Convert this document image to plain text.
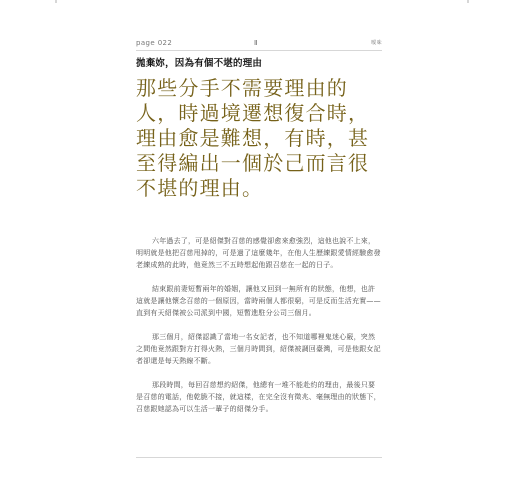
page 022	Ⅱ	曖味
拋棄妳，因為有個不堪的理由
那些分手不需要理由的人，時過境遷想復合時，理由愈是難想，有時，甚至得編出一個於己而言很不堪的理由。

六年過去了，可是紹傑對召慈的感覺卻愈來愈強烈，這他也說不上來，明明就是他把召慈甩掉的，可是過了這麼幾年，在他人生歷練跟愛情經驗愈發老練成熟的此時，他竟然三不五時想起他跟召慈在一起的日子。

結束跟前妻短暫兩年的婚姻，讓他又回到一無所有的狀態，他想，也許這就是讓他懷念召慈的一個原因，當時兩個人都很窮，可是反而生活充實——直到有天紹傑被公司派到中國，短暫進駐分公司三個月。

那三個月，紹傑認識了當地一名女記者，也不知道哪裡鬼迷心竅，突然之間他竟然跟對方打得火熱，三個月時間到，紹傑被調回臺灣，可是他跟女記者卻還是每天熱線不斷。

那段時間，每回召慈想約紹傑，他總有一堆不能赴約的理由，最後只要是召慈的電話，他乾脆不接，就這樣，在完全沒有徵兆、毫無理由的狀態下，召慈跟她認為可以生活一輩子的紹傑分手。
